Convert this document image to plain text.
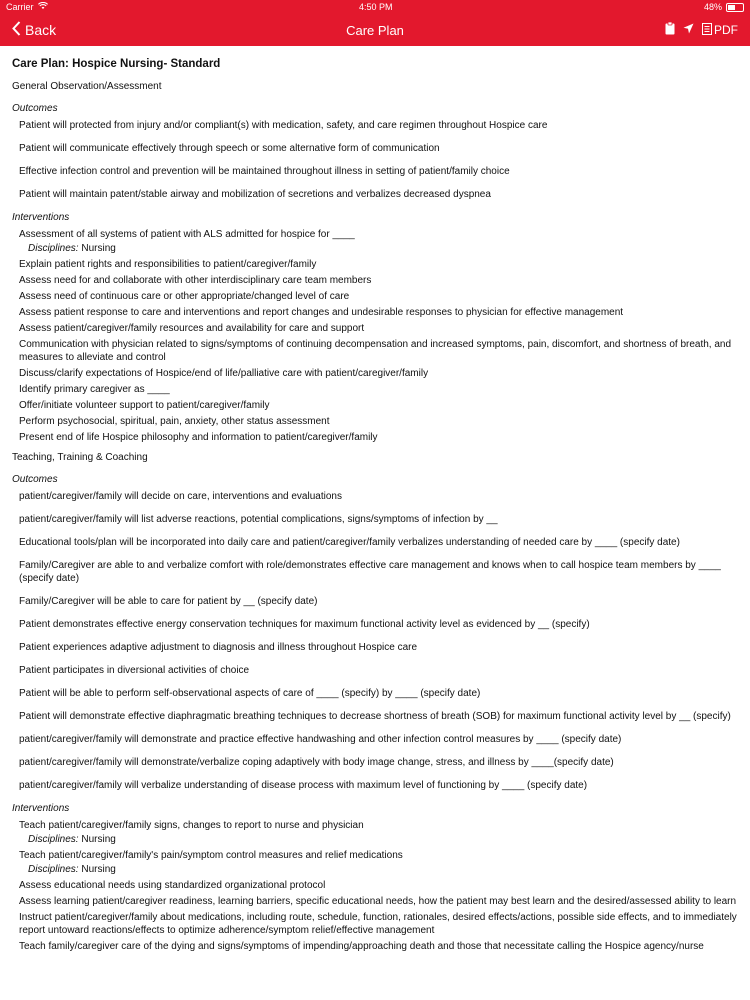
Carrier	4:50 PM	48%
Back	Care Plan	PDF
Care Plan: Hospice Nursing- Standard
General Observation/Assessment
Outcomes
Patient will protected from injury and/or compliant(s) with medication, safety, and care regimen throughout Hospice care
Patient will communicate effectively through speech or some alternative form of communication
Effective infection control and prevention will be maintained throughout illness in setting of patient/family choice
Patient will maintain patent/stable airway and mobilization of secretions and verbalizes decreased dyspnea
Interventions
Assessment of all systems of patient with ALS admitted for hospice for ____
Disciplines: Nursing
Explain patient rights and responsibilities to patient/caregiver/family
Assess need for and collaborate with other interdisciplinary care team members
Assess need of continuous care or other appropriate/changed level of care
Assess patient response to care and interventions and report changes and undesirable responses to physician for effective management
Assess patient/caregiver/family resources and availability for care and support
Communication with physician related to signs/symptoms of continuing decompensation and increased symptoms, pain, discomfort, and shortness of breath, and measures to alleviate and control
Discuss/clarify expectations of Hospice/end of life/palliative care with patient/caregiver/family
Identify primary caregiver as ____
Offer/initiate volunteer support to patient/caregiver/family
Perform psychosocial, spiritual, pain, anxiety, other status assessment
Present end of life Hospice philosophy and information to patient/caregiver/family
Teaching, Training & Coaching
Outcomes
patient/caregiver/family will decide on care, interventions and evaluations
patient/caregiver/family will list adverse reactions, potential complications, signs/symptoms of infection by __
Educational tools/plan will be incorporated into daily care and patient/caregiver/family verbalizes understanding of needed care by ____ (specify date)
Family/Caregiver are able to and verbalize comfort with role/demonstrates effective care management and knows when to call hospice team members by ____ (specify date)
Family/Caregiver will be able to care for patient by __ (specify date)
Patient demonstrates effective energy conservation techniques for maximum functional activity level as evidenced by __ (specify)
Patient experiences adaptive adjustment to diagnosis and illness throughout Hospice care
Patient participates in diversional activities of choice
Patient will be able to perform self-observational aspects of care of ____ (specify) by ____ (specify date)
Patient will demonstrate effective diaphragmatic breathing techniques to decrease shortness of breath (SOB) for maximum functional activity level by __ (specify)
patient/caregiver/family will demonstrate and practice effective handwashing and other infection control measures by ____ (specify date)
patient/caregiver/family will demonstrate/verbalize coping adaptively with body image change, stress, and illness by ____(specify date)
patient/caregiver/family will verbalize understanding of disease process with maximum level of functioning by ____ (specify date)
Interventions
Teach patient/caregiver/family signs, changes to report to nurse and physician
Disciplines: Nursing
Teach patient/caregiver/family's pain/symptom control measures and relief medications
Disciplines: Nursing
Assess educational needs using standardized organizational protocol
Assess learning patient/caregiver readiness, learning barriers, specific educational needs, how the patient may best learn and the desired/assessed ability to learn
Instruct patient/caregiver/family about medications, including route, schedule, function, rationales, desired effects/actions, possible side effects, and to immediately report untoward reactions/effects to optimize adherence/symptom relief/effective management
Teach family/caregiver care of the dying and signs/symptoms of impending/approaching death and those that necessitate calling the Hospice agency/nurse
